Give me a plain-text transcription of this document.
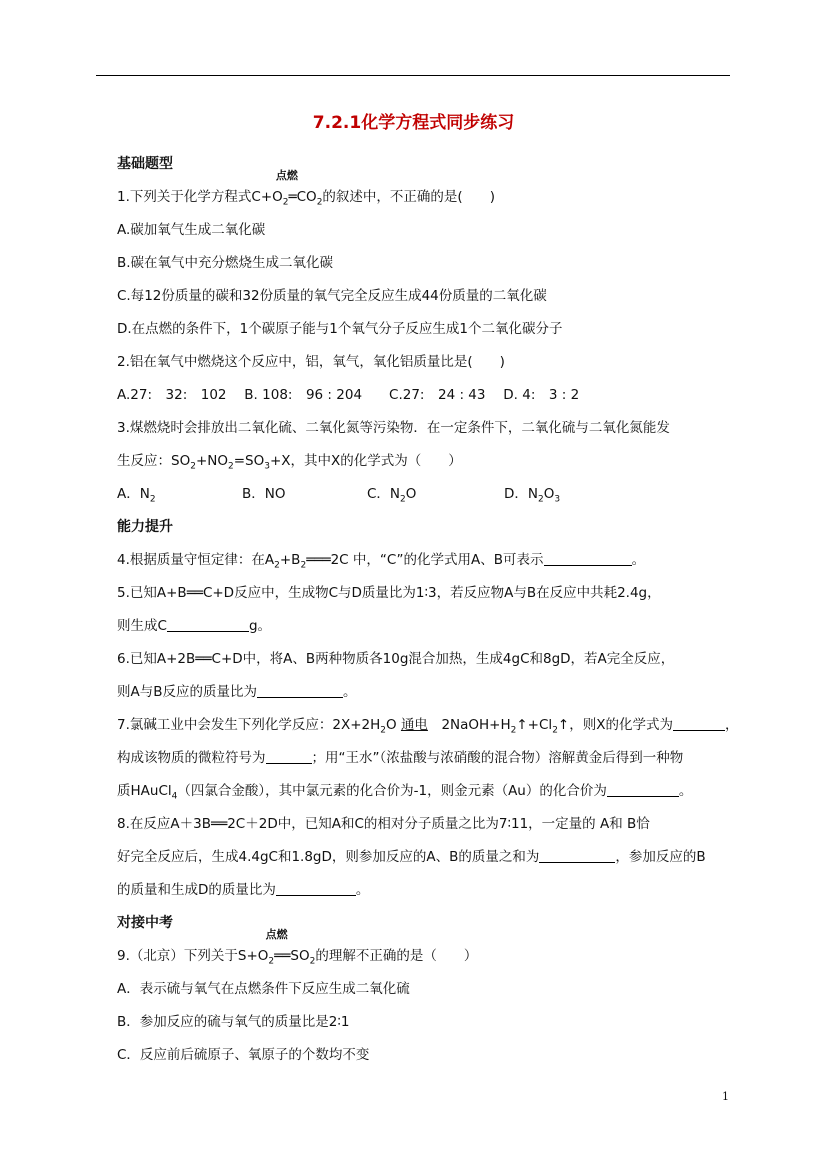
7.2.1化学方程式同步练习
基础题型
1.下列关于化学方程式
点燃
$C+O_2═CO_2$的叙述中，不正确的是(　　)
A.碳加氧气生成二氧化碳
B.碳在氧气中充分燃烧生成二氧化碳
C.每12份质量的碳和32份质量的氧气完全反应生成44份质量的二氧化碳
D.在点燃的条件下，1个碳原子能与1个氧气分子反应生成1个二氧化碳分子
2.铝在氧气中燃烧这个反应中，铝，氧气，氧化铝质量比是(　　)
A.27:　32:　102　 B. 108:　96 : 204　　C.27:　24 : 43　 D. 4:　3 : 2
3.煤燃烧时会排放出二氧化硫、二氧化氮等污染物．在一定条件下，二氧化硫与二氧化氮能发
生反应：$SO_2+NO_2=SO_3+X$，其中X的化学式为（　　）
A．$N_2$	B．NO	C．$N_2O$	D．$N_2O_3$
能力提升
4.根据质量守恒定律：在$A_2+B_2═══2C$ 中，“C”的化学式用A、B可表示	。
5.已知A+B══C+D反应中，生成物C与D质量比为1∶3，若反应物A与B在反应中共耗2.4g，
则生成C	g。
6.已知A+2B══C+D中，将A、B两种物质各10g混合加热，生成4gC和8gD，若A完全反应，
则A与B反应的质量比为	。
7.氯碱工业中会发生下列化学反应：$2X+2H_2O$ 通电　 $2NaOH+H_2↑+Cl_2↑$，则X的化学式为	，
构成该物质的微粒符号为	；用“王水”（浓盐酸与浓硝酸的混合物）溶解黄金后得到一种物
质HAuCl$_4$（四氯合金酸），其中氯元素的化合价为-1，则金元素（Au）的化合价为	。
8.在反应A＋3B══2C＋2D中，已知A和C的相对分子质量之比为7∶11，一定量的 A和 B恰
好完全反应后，生成4.4gC和1.8gD，则参加反应的A、B的质量之和为	，参加反应的B
的质量和生成D的质量比为	。
对接中考
9.（北京）下列关于
点燃
$S+O_2══SO_2$的理解不正确的是（　　）
A．表示硫与氧气在点燃条件下反应生成二氧化硫
B．参加反应的硫与氧气的质量比是2∶1
C．反应前后硫原子、氧原子的个数均不变
1
